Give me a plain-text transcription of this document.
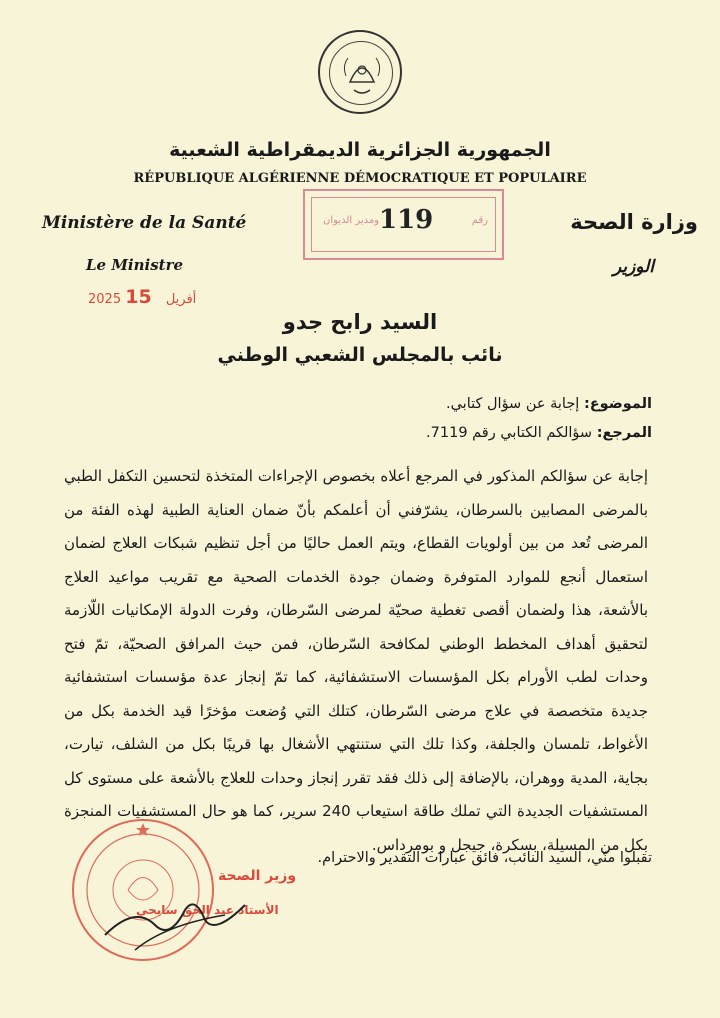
الجمهورية الجزائرية الديمقراطية الشعبية
RÉPUBLIQUE ALGÉRIENNE DÉMOCRATIQUE ET POPULAIRE
Ministère de la Santé
Le Ministre
2025	أفريل 15
رقم
119
ومدير الديوان	وزارة الصحة
الوزير
السيد رابح جدو
نائب بالمجلس الشعبي الوطني
الموضوع: إجابة عن سؤال كتابي.
المرجع: سؤالكم الكتابي رقم 7119.
إجابة عن سؤالكم المذكور في المرجع أعلاه بخصوص الإجراءات المتخذة لتحسين التكفل الطبي بالمرضى المصابين بالسرطان، يشرّفني أن أعلمكم بأنّ ضمان العناية الطبية لهذه الفئة من المرضى تُعد من بين أولويات القطاع، ويتم العمل حاليًا من أجل تنظيم شبكات العلاج لضمان استعمال أنجع للموارد المتوفرة وضمان جودة الخدمات الصحية مع تقريب مواعيد العلاج بالأشعة، هذا ولضمان أقصى تغطية صحيّة لمرضى السّرطان، وفرت الدولة الإمكانيات اللّازمة لتحقيق أهداف المخطط الوطني لمكافحة السّرطان، فمن حيث المرافق الصحيّة، تمّ فتح وحدات لطب الأورام بكل المؤسسات الاستشفائية، كما تمّ إنجاز عدة مؤسسات استشفائية جديدة متخصصة في علاج مرضى السّرطان، كتلك التي وُضعت مؤخرًا قيد الخدمة بكل من الأغواط، تلمسان والجلفة، وكذا تلك التي ستنتهي الأشغال بها قريبًا بكل من الشلف، تيارت، بجاية، المدية ووهران، بالإضافة إلى ذلك فقد تقرر إنجاز وحدات للعلاج بالأشعة على مستوى كل المستشفيات الجديدة التي تملك طاقة استيعاب 240 سرير، كما هو حال المستشفيات المنجزة بكل من المسيلة، بسكرة، جيجل و بومرداس.
تقبلوا منّي، السيد النائب، فائق عبارات التقدير والاحترام.
وزير الصحة
الأستاذ عبد الحق سايحي
